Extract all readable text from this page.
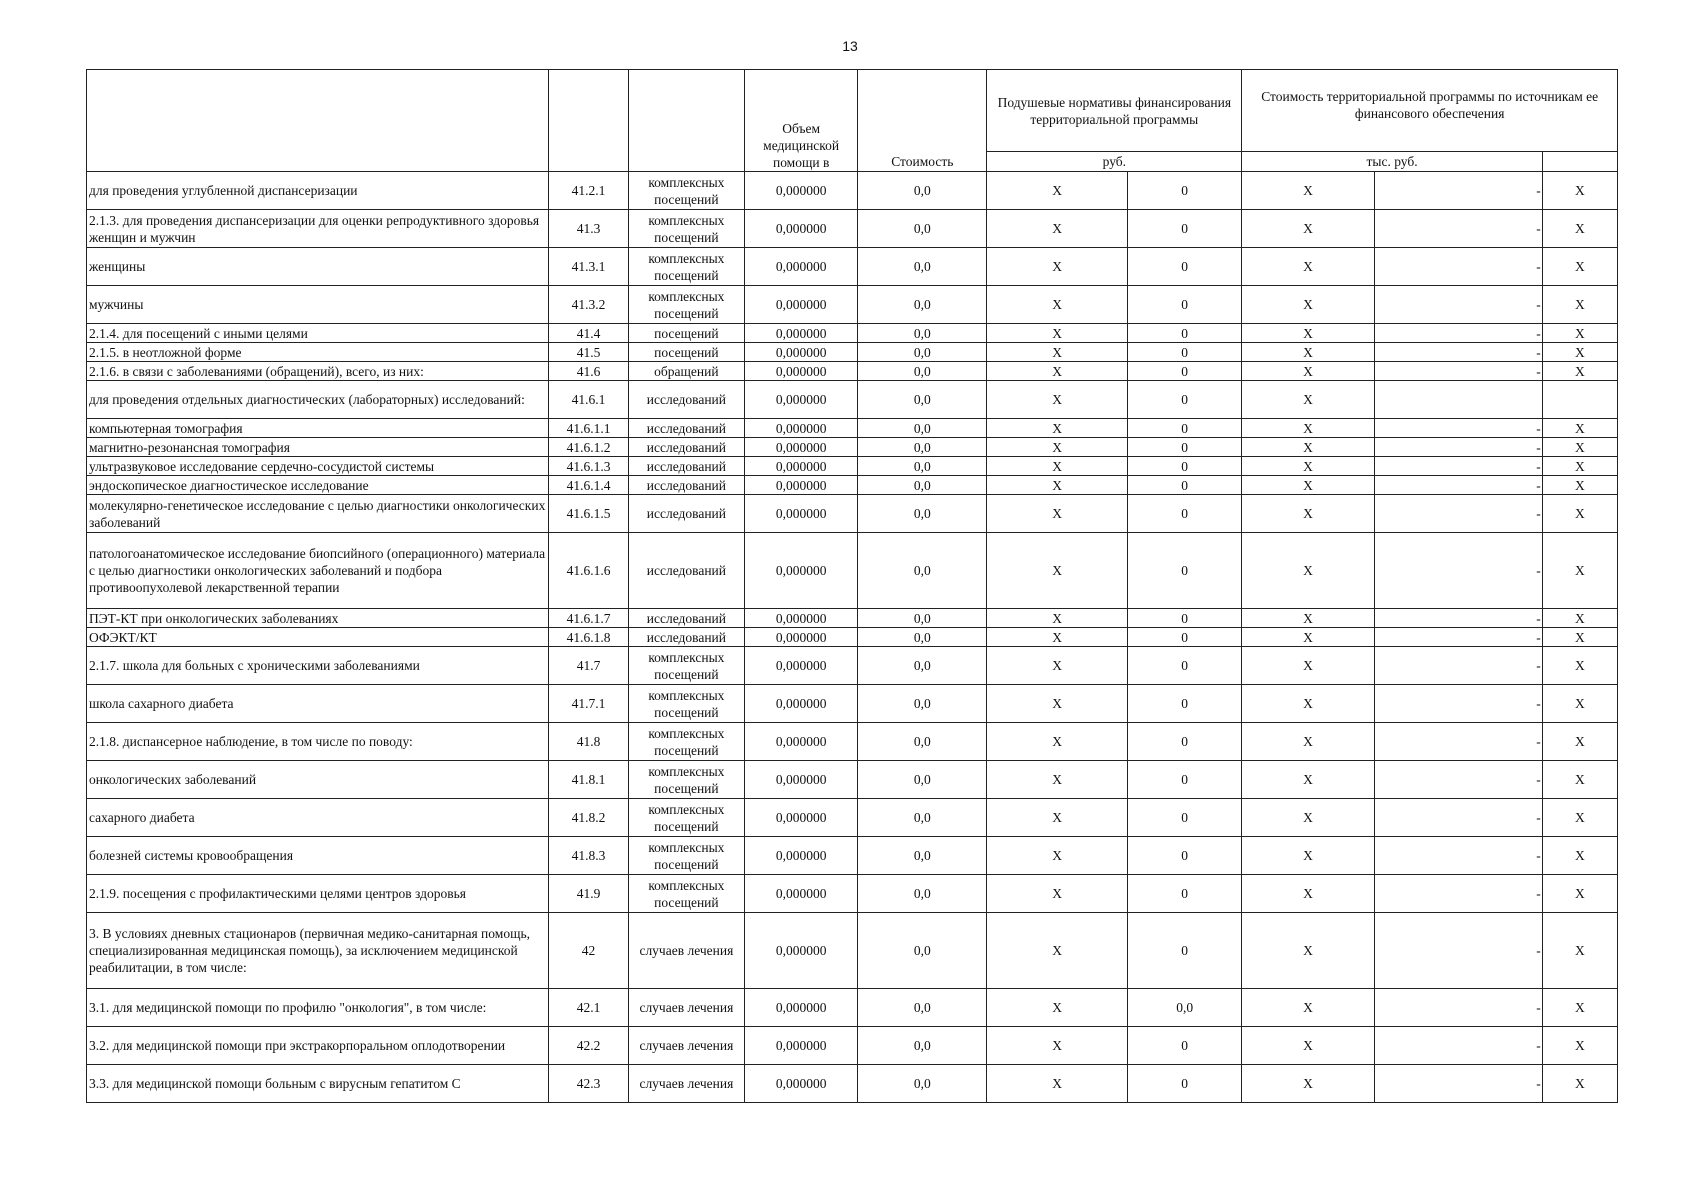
13

			Объем медицинской помощи в	Стоимость	Подушевые нормативы финансирования территориальной программы		Стоимость территориальной программы по источникам ее финансового обеспечения		
					руб.		тыс. руб.		
для проведения углубленной диспансеризации	41.2.1	комплексных посещений	0,000000	0,0	X	0	X	-	X
2.1.3. для проведения диспансеризации для оценки репродуктивного здоровья женщин и мужчин	41.3	комплексных посещений	0,000000	0,0	X	0	X	-	X
женщины	41.3.1	комплексных посещений	0,000000	0,0	X	0	X	-	X
мужчины	41.3.2	комплексных посещений	0,000000	0,0	X	0	X	-	X
2.1.4. для посещений с иными целями	41.4	посещений	0,000000	0,0	X	0	X	-	X
2.1.5. в неотложной форме	41.5	посещений	0,000000	0,0	X	0	X	-	X
2.1.6. в связи с заболеваниями (обращений), всего, из них:	41.6	обращений	0,000000	0,0	X	0	X	-	X
для проведения отдельных диагностических (лабораторных) исследований:	41.6.1	исследований	0,000000	0,0	X	0	X		
компьютерная томография	41.6.1.1	исследований	0,000000	0,0	X	0	X	-	X
магнитно-резонансная томография	41.6.1.2	исследований	0,000000	0,0	X	0	X	-	X
ультразвуковое исследование сердечно-сосудистой системы	41.6.1.3	исследований	0,000000	0,0	X	0	X	-	X
эндоскопическое диагностическое исследование	41.6.1.4	исследований	0,000000	0,0	X	0	X	-	X
молекулярно-генетическое исследование с целью диагностики онкологических заболеваний	41.6.1.5	исследований	0,000000	0,0	X	0	X	-	X
патологоанатомическое исследование биопсийного (операционного) материала с целью диагностики онкологических заболеваний и подбора противоопухолевой лекарственной терапии	41.6.1.6	исследований	0,000000	0,0	X	0	X	-	X
ПЭТ-КТ при онкологических заболеваниях	41.6.1.7	исследований	0,000000	0,0	X	0	X	-	X
ОФЭКТ/КТ	41.6.1.8	исследований	0,000000	0,0	X	0	X	-	X
2.1.7. школа для больных с хроническими заболеваниями	41.7	комплексных посещений	0,000000	0,0	X	0	X	-	X
школа сахарного диабета	41.7.1	комплексных посещений	0,000000	0,0	X	0	X	-	X
2.1.8. диспансерное наблюдение, в том числе по поводу:	41.8	комплексных посещений	0,000000	0,0	X	0	X	-	X
онкологических заболеваний	41.8.1	комплексных посещений	0,000000	0,0	X	0	X	-	X
сахарного диабета	41.8.2	комплексных посещений	0,000000	0,0	X	0	X	-	X
болезней системы кровообращения	41.8.3	комплексных посещений	0,000000	0,0	X	0	X	-	X
2.1.9. посещения с профилактическими целями центров здоровья	41.9	комплексных посещений	0,000000	0,0	X	0	X	-	X
3. В условиях дневных стационаров (первичная медико-санитарная помощь, специализированная медицинская помощь), за исключением медицинской реабилитации, в том числе:	42	случаев лечения	0,000000	0,0	X	0	X	-	X
3.1. для медицинской помощи по профилю "онкология", в том числе:	42.1	случаев лечения	0,000000	0,0	X	0,0	X	-	X
3.2. для медицинской помощи при экстракорпоральном оплодотворении	42.2	случаев лечения	0,000000	0,0	X	0	X	-	X
3.3. для медицинской помощи больным с вирусным гепатитом С	42.3	случаев лечения	0,000000	0,0	X	0	X	-	X
